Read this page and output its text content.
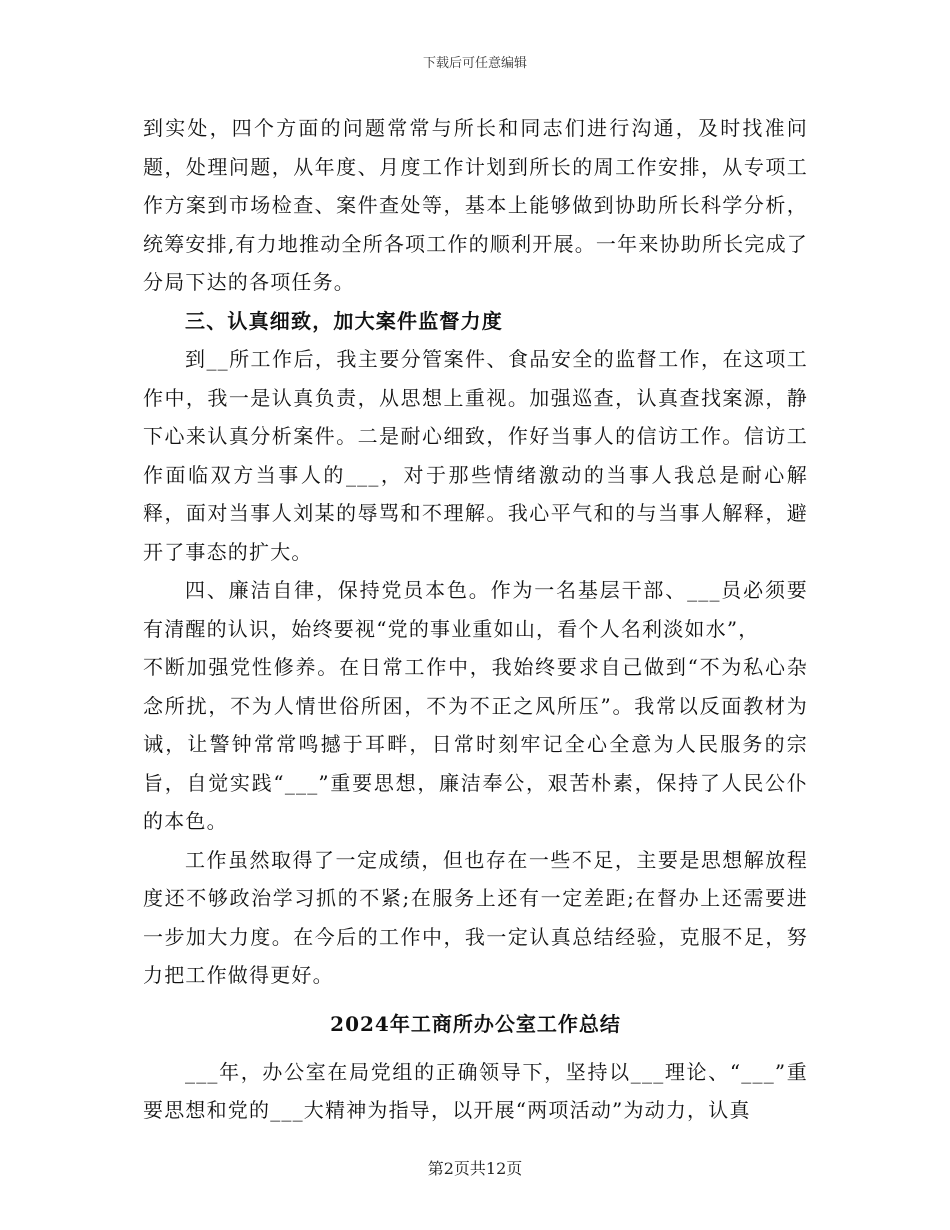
下载后可任意编辑

到实处，四个方面的问题常常与所长和同志们进行沟通，及时找准问题，处理问题，从年度、月度工作计划到所长的周工作安排，从专项工作方案到市场检查、案件查处等，基本上能够做到协助所长科学分析，统筹安排,有力地推动全所各项工作的顺利开展。一年来协助所长完成了分局下达的各项任务。

三、认真细致，加大案件监督力度

到__所工作后，我主要分管案件、食品安全的监督工作，在这项工作中，我一是认真负责，从思想上重视。加强巡查，认真查找案源，静下心来认真分析案件。二是耐心细致，作好当事人的信访工作。信访工作面临双方当事人的___，对于那些情绪激动的当事人我总是耐心解释，面对当事人刘某的辱骂和不理解。我心平气和的与当事人解释，避开了事态的扩大。

四、廉洁自律，保持党员本色。作为一名基层干部、___员必须要有清醒的认识，始终要视“党的事业重如山，看个人名利淡如水”，

不断加强党性修养。在日常工作中，我始终要求自己做到“不为私心杂念所扰，不为人情世俗所困，不为不正之风所压”。我常以反面教材为诫，让警钟常常鸣撼于耳畔，日常时刻牢记全心全意为人民服务的宗旨，自觉实践“___”重要思想，廉洁奉公，艰苦朴素，保持了人民公仆的本色。

工作虽然取得了一定成绩，但也存在一些不足，主要是思想解放程度还不够政治学习抓的不紧;在服务上还有一定差距;在督办上还需要进一步加大力度。在今后的工作中，我一定认真总结经验，克服不足，努力把工作做得更好。

2024年工商所办公室工作总结

___年，办公室在局党组的正确领导下，坚持以___理论、“___”重要思想和党的___大精神为指导，以开展“两项活动”为动力，认真

第2页共12页
